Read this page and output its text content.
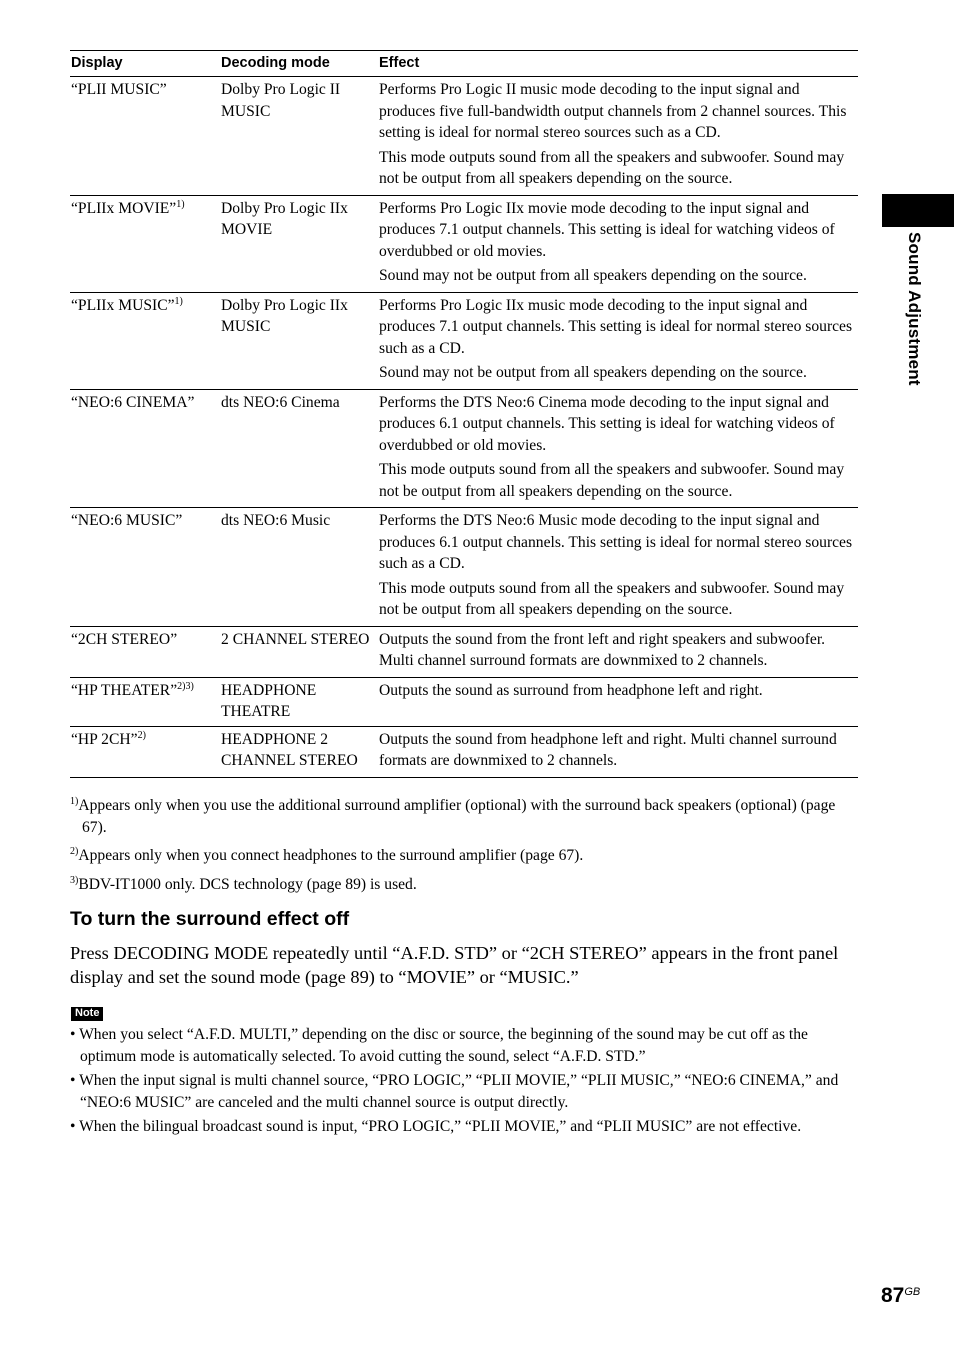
Sound Adjustment
Display	Decoding mode	Effect
“PLII MUSIC”	Dolby Pro Logic II MUSIC	Performs Pro Logic II music mode decoding to the input signal and produces five full-bandwidth output channels from 2 channel sources. This setting is ideal for normal stereo sources such as a CD.

This mode outputs sound from all the speakers and subwoofer. Sound may not be output from all speakers depending on the source.

“PLIIx MOVIE”$^{1)}$	Dolby Pro Logic IIx MOVIE	Performs Pro Logic IIx movie mode decoding to the input signal and produces 7.1 output channels. This setting is ideal for watching videos of overdubbed or old movies.

Sound may not be output from all speakers depending on the source.

“PLIIx MUSIC”$^{1)}$	Dolby Pro Logic IIx MUSIC	Performs Pro Logic IIx music mode decoding to the input signal and produces 7.1 output channels. This setting is ideal for normal stereo sources such as a CD.

Sound may not be output from all speakers depending on the source.

“NEO:6 CINEMA”	dts NEO:6 Cinema	Performs the DTS Neo:6 Cinema mode decoding to the input signal and produces 6.1 output channels. This setting is ideal for watching videos of overdubbed or old movies.

This mode outputs sound from all the speakers and subwoofer. Sound may not be output from all speakers depending on the source.

“NEO:6 MUSIC”	dts NEO:6 Music	Performs the DTS Neo:6 Music mode decoding to the input signal and produces 6.1 output channels. This setting is ideal for normal stereo sources such as a CD.

This mode outputs sound from all the speakers and subwoofer. Sound may not be output from all speakers depending on the source.

“2CH STEREO”	2 CHANNEL STEREO	Outputs the sound from the front left and right speakers and subwoofer. Multi channel surround formats are downmixed to 2 channels.

“HP THEATER”$^{2)3)}$	HEADPHONE THEATRE	Outputs the sound as surround from headphone left and right.

“HP 2CH”$^{2)}$	HEADPHONE 2 CHANNEL STEREO	Outputs the sound from headphone left and right. Multi channel surround formats are downmixed to 2 channels.

$^{1)}$Appears only when you use the additional surround amplifier (optional) with the surround back speakers (optional) (page 67).

$^{2)}$Appears only when you connect headphones to the surround amplifier (page 67).

$^{3)}$BDV-IT1000 only. DCS technology (page 89) is used.

To turn the surround effect off
Press DECODING MODE repeatedly until “A.F.D. STD” or “2CH STEREO” appears in the front panel display and set the sound mode (page 89) to “MOVIE” or “MUSIC.”
Note
• When you select “A.F.D. MULTI,” depending on the disc or source, the beginning of the sound may be cut off as the optimum mode is automatically selected. To avoid cutting the sound, select “A.F.D. STD.”
• When the input signal is multi channel source, “PRO LOGIC,” “PLII MOVIE,” “PLII MUSIC,” “NEO:6 CINEMA,” and “NEO:6 MUSIC” are canceled and the multi channel source is output directly.
• When the bilingual broadcast sound is input, “PRO LOGIC,” “PLII MOVIE,” and “PLII MUSIC” are not effective.
$87^{GB}$
